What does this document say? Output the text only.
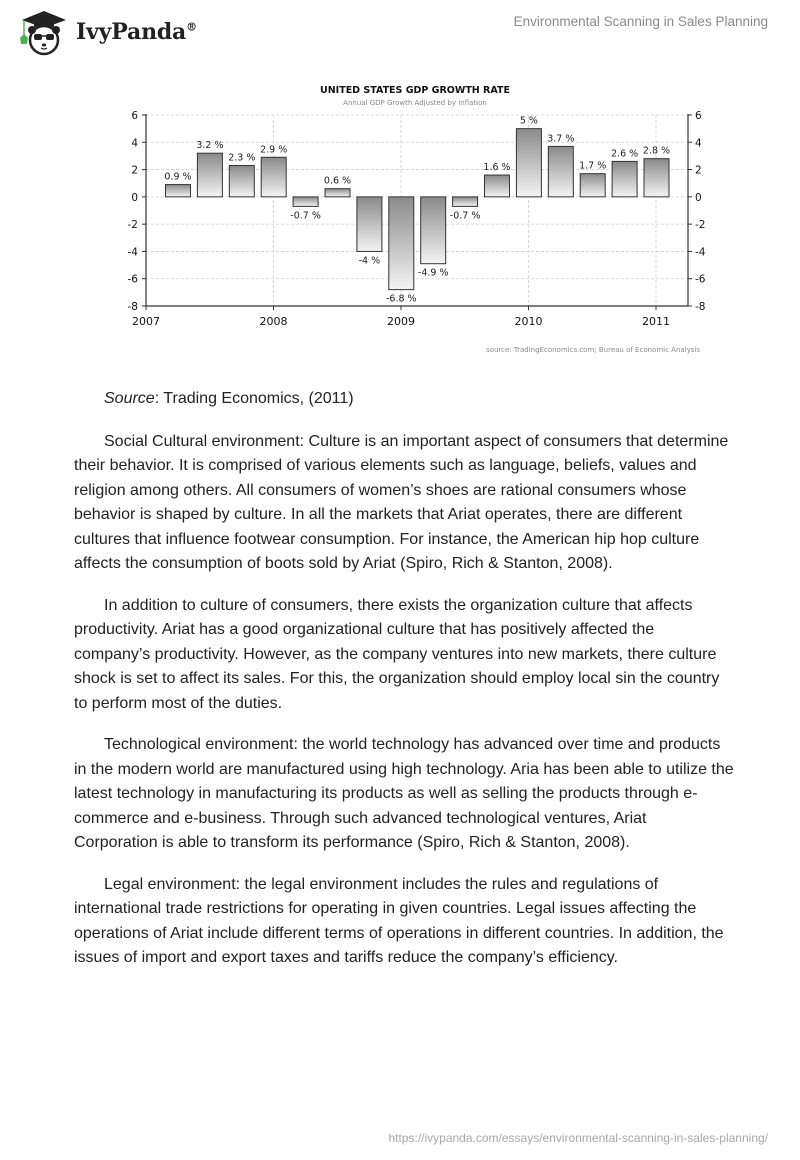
IvyPanda®	Environmental Scanning in Sales Planning
UNITED STATES GDP GROWTH RATE
Annual GDP Growth Adjusted by Inflation
0.9 %
3.2 %
2.3 %
2.9 %
-0.7 %
0.6 %
-4 %
-6.8 %
-4.9 %
-0.7 %
1.6 %
5 %
3.7 %
1.7 %
2.6 % 2.8 %
6	6
4	4
2	2
0	0
-2	-2
-4	-4
-6	-6
-8	-8
2007	2008	2009	2010	2011
source: TradingEconomics.com; Bureau of Economic Analysis

Source: Trading Economics, (2011)

Social Cultural environment: Culture is an important aspect of consumers that determine their behavior. It is comprised of various elements such as language, beliefs, values and religion among others. All consumers of women’s shoes are rational consumers whose behavior is shaped by culture. In all the markets that Ariat operates, there are different cultures that influence footwear consumption. For instance, the American hip hop culture affects the consumption of boots sold by Ariat (Spiro, Rich & Stanton, 2008).

In addition to culture of consumers, there exists the organization culture that affects productivity. Ariat has a good organizational culture that has positively affected the company’s productivity. However, as the company ventures into new markets, there culture shock is set to affect its sales. For this, the organization should employ local sin the country to perform most of the duties.

Technological environment: the world technology has advanced over time and products in the modern world are manufactured using high technology. Aria has been able to utilize the latest technology in manufacturing its products as well as selling the products through e-commerce and e-business. Through such advanced technological ventures, Ariat Corporation is able to transform its performance (Spiro, Rich & Stanton, 2008).

Legal environment: the legal environment includes the rules and regulations of international trade restrictions for operating in given countries. Legal issues affecting the operations of Ariat include different terms of operations in different countries. In addition, the issues of import and export taxes and tariffs reduce the company’s efficiency.

https://ivypanda.com/essays/environmental-scanning-in-sales-planning/
